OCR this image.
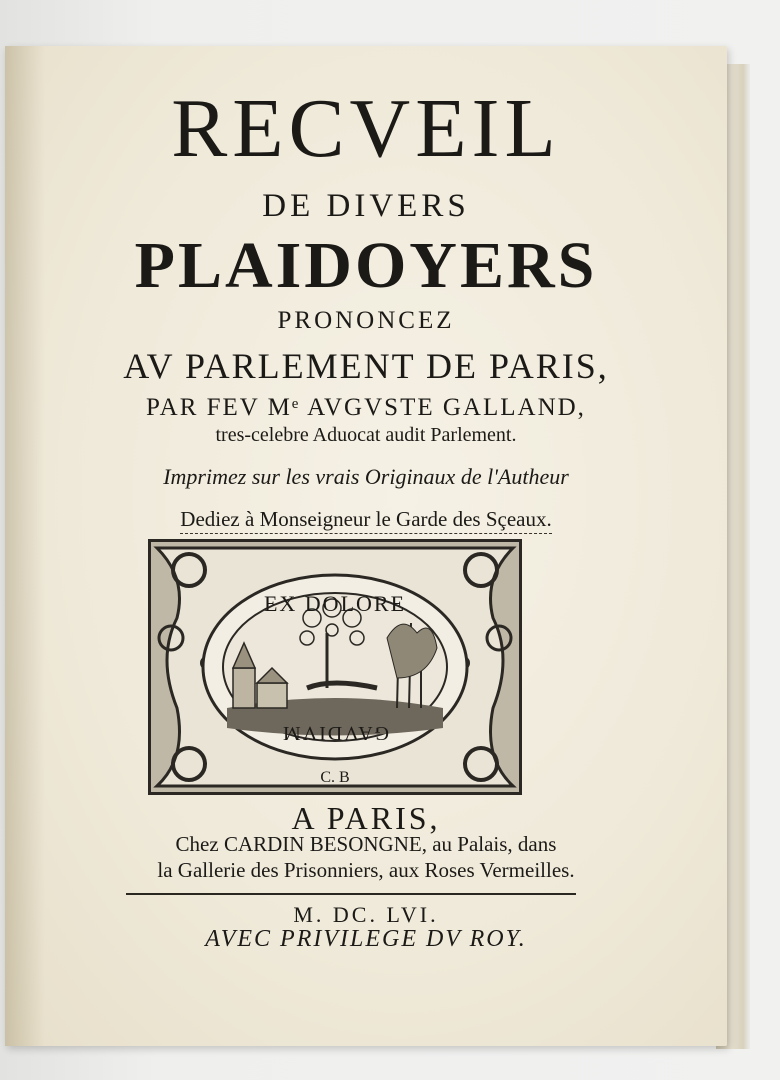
RECVEIL
DE DIVERS
PLAIDOYERS
PRONONCEZ
AV PARLEMENT DE PARIS,
PAR FEV Mᵉ AVGVSTE GALLAND,
tres-celebre Aduocat audit Parlement.
Imprimez sur les vrais Originaux de l'Autheur
Dediez à Monseigneur le Garde des Sçeaux.
EX DOLORE
GAVDIVM
C. B
A PARIS,
Chez CARDIN BESONGNE, au Palais, dans
la Gallerie des Prisonniers, aux Roses Vermeilles.
M. DC. LVI.
AVEC PRIVILEGE DV ROY.
